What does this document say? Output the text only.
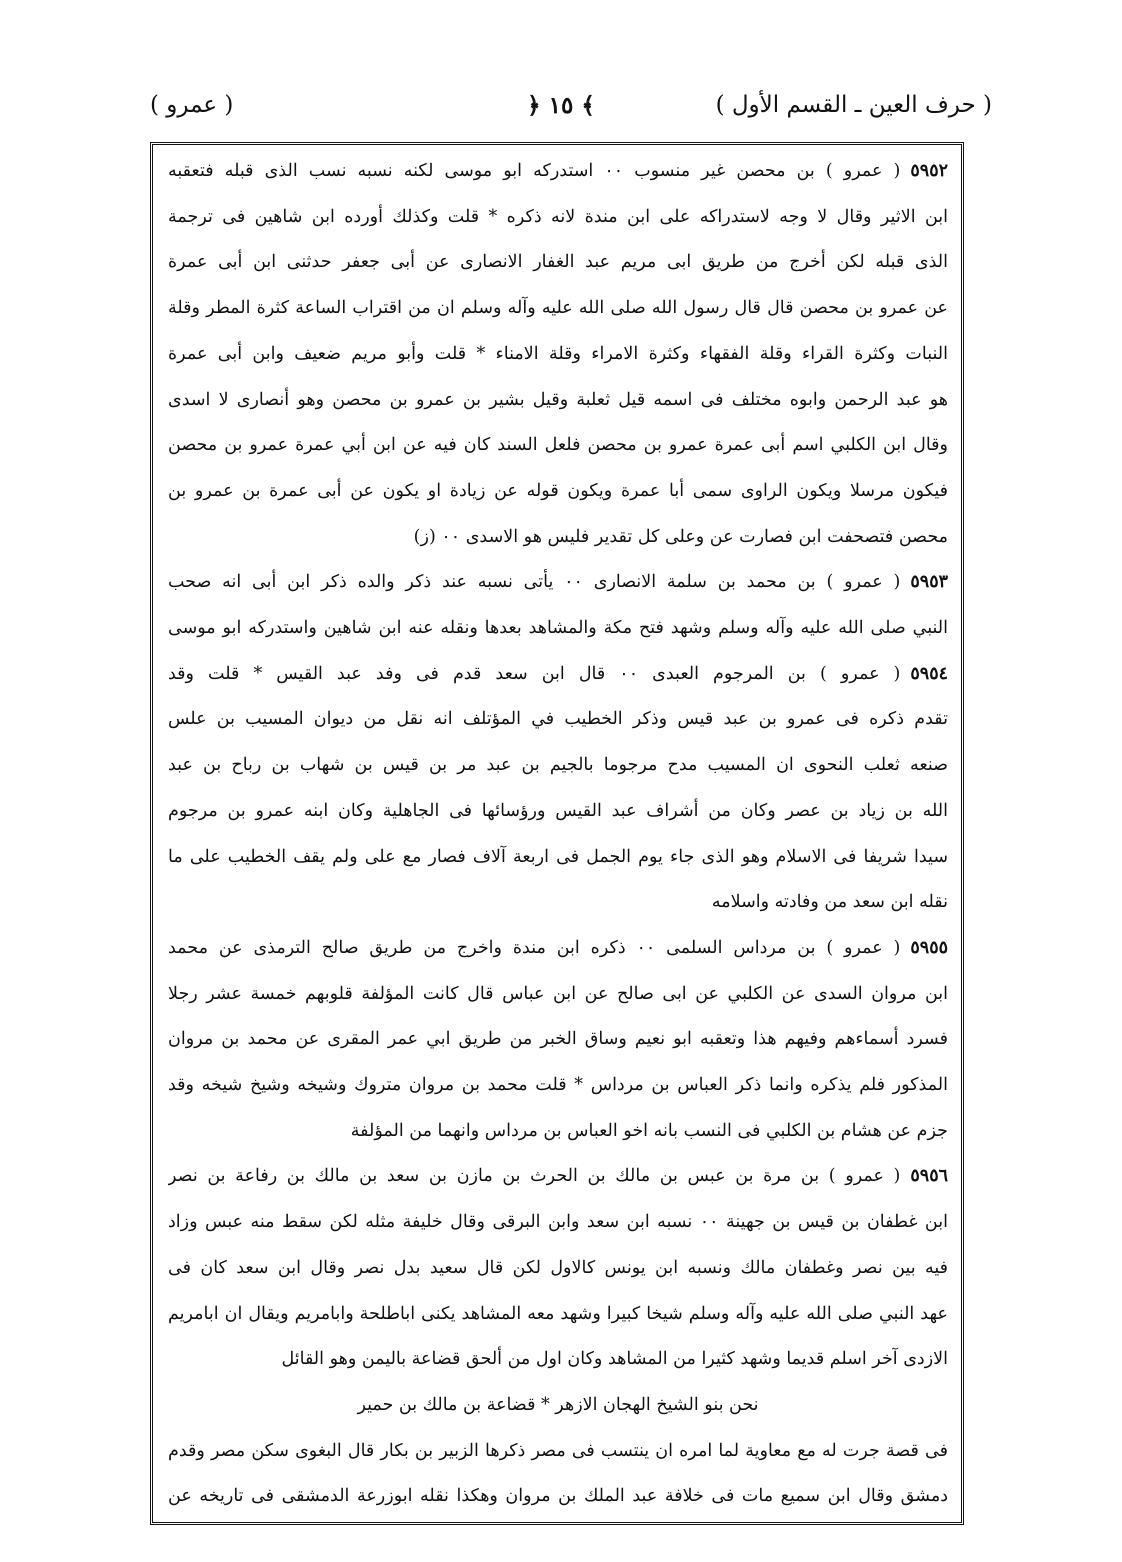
( حرف العين ـ القسم الأول )
﴾ ١٥ ﴿
( عمرو )
٥٩٥٢( عمرو ) بن محصن غير منسوب ٠٠ استدركه ابو موسى لكنه نسبه نسب الذى قبله فتعقبه
ابن الاثير وقال لا وجه لاستدراكه على ابن مندة لانه ذكره * قلت وكذلك أورده ابن شاهين فى ترجمة
الذى قبله لكن أخرج من طريق ابى مريم عبد الغفار الانصارى عن أبى جعفر حدثنى ابن أبى عمرة
عن عمرو بن محصن قال قال رسول الله صلى الله عليه وآله وسلم ان من اقتراب الساعة كثرة المطر وقلة
النبات وكثرة القراء وقلة الفقهاء وكثرة الامراء وقلة الامناء * قلت وأبو مريم ضعيف وابن أبى عمرة
هو عبد الرحمن وابوه مختلف فى اسمه قيل ثعلبة وقيل بشير بن عمرو بن محصن وهو أنصارى لا اسدى
وقال ابن الكلبي اسم أبى عمرة عمرو بن محصن فلعل السند كان فيه عن ابن أبي عمرة عمرو بن محصن
فيكون مرسلا ويكون الراوى سمى أبا عمرة ويكون قوله عن زيادة او يكون عن أبى عمرة بن عمرو بن
محصن فتصحفت ابن فصارت عن وعلى كل تقدير فليس هو الاسدى ٠٠ (ز)
٥٩٥٣( عمرو ) بن محمد بن سلمة الانصارى ٠٠ يأتى نسبه عند ذكر والده ذكر ابن أبى انه صحب
النبي صلى الله عليه وآله وسلم وشهد فتح مكة والمشاهد بعدها ونقله عنه ابن شاهين واستدركه ابو موسى
٥٩٥٤( عمرو ) بن المرجوم العبدى ٠٠ قال ابن سعد قدم فى وفد عبد القيس * قلت وقد
تقدم ذكره فى عمرو بن عبد قيس وذكر الخطيب في المؤتلف انه نقل من ديوان المسيب بن علس
صنعه ثعلب النحوى ان المسيب مدح مرجوما بالجيم بن عبد مر بن قيس بن شهاب بن رباح بن عبد
الله بن زياد بن عصر وكان من أشراف عبد القيس ورؤسائها فى الجاهلية وكان ابنه عمرو بن مرجوم
سيدا شريفا فى الاسلام وهو الذى جاء يوم الجمل فى اربعة آلاف فصار مع على ولم يقف الخطيب على ما
نقله ابن سعد من وفادته واسلامه
٥٩٥٥( عمرو ) بن مرداس السلمى ٠٠ ذكره ابن مندة واخرج من طريق صالح الترمذى عن محمد
ابن مروان السدى عن الكلبي عن ابى صالح عن ابن عباس قال كانت المؤلفة قلوبهم خمسة عشر رجلا
فسرد أسماءهم وفيهم هذا وتعقبه ابو نعيم وساق الخبر من طريق ابي عمر المقرى عن محمد بن مروان
المذكور فلم يذكره وانما ذكر العباس بن مرداس * قلت محمد بن مروان متروك وشيخه وشيخ شيخه وقد
جزم عن هشام بن الكلبي فى النسب بانه اخو العباس بن مرداس وانهما من المؤلفة
٥٩٥٦( عمرو ) بن مرة بن عبس بن مالك بن الحرث بن مازن بن سعد بن مالك بن رفاعة بن نصر
ابن غطفان بن قيس بن جهينة ٠٠ نسبه ابن سعد وابن البرقى وقال خليفة مثله لكن سقط منه عبس وزاد
فيه بين نصر وغطفان مالك ونسبه ابن يونس كالاول لكن قال سعيد بدل نصر وقال ابن سعد كان فى
عهد النبي صلى الله عليه وآله وسلم شيخا كبيرا وشهد معه المشاهد يكنى اباطلحة وابامريم ويقال ان ابامريم
الازدى آخر اسلم قديما وشهد كثيرا من المشاهد وكان اول من ألحق قضاعة باليمن وهو القائل
نحن بنو الشيخ الهجان الازهر * قضاعة بن مالك بن حمير
فى قصة جرت له مع معاوية لما امره ان ينتسب فى مصر ذكرها الزبير بن بكار قال البغوى سكن مصر وقدم
دمشق وقال ابن سميع مات فى خلافة عبد الملك بن مروان وهكذا نقله ابوزرعة الدمشقى فى تاريخه عن
